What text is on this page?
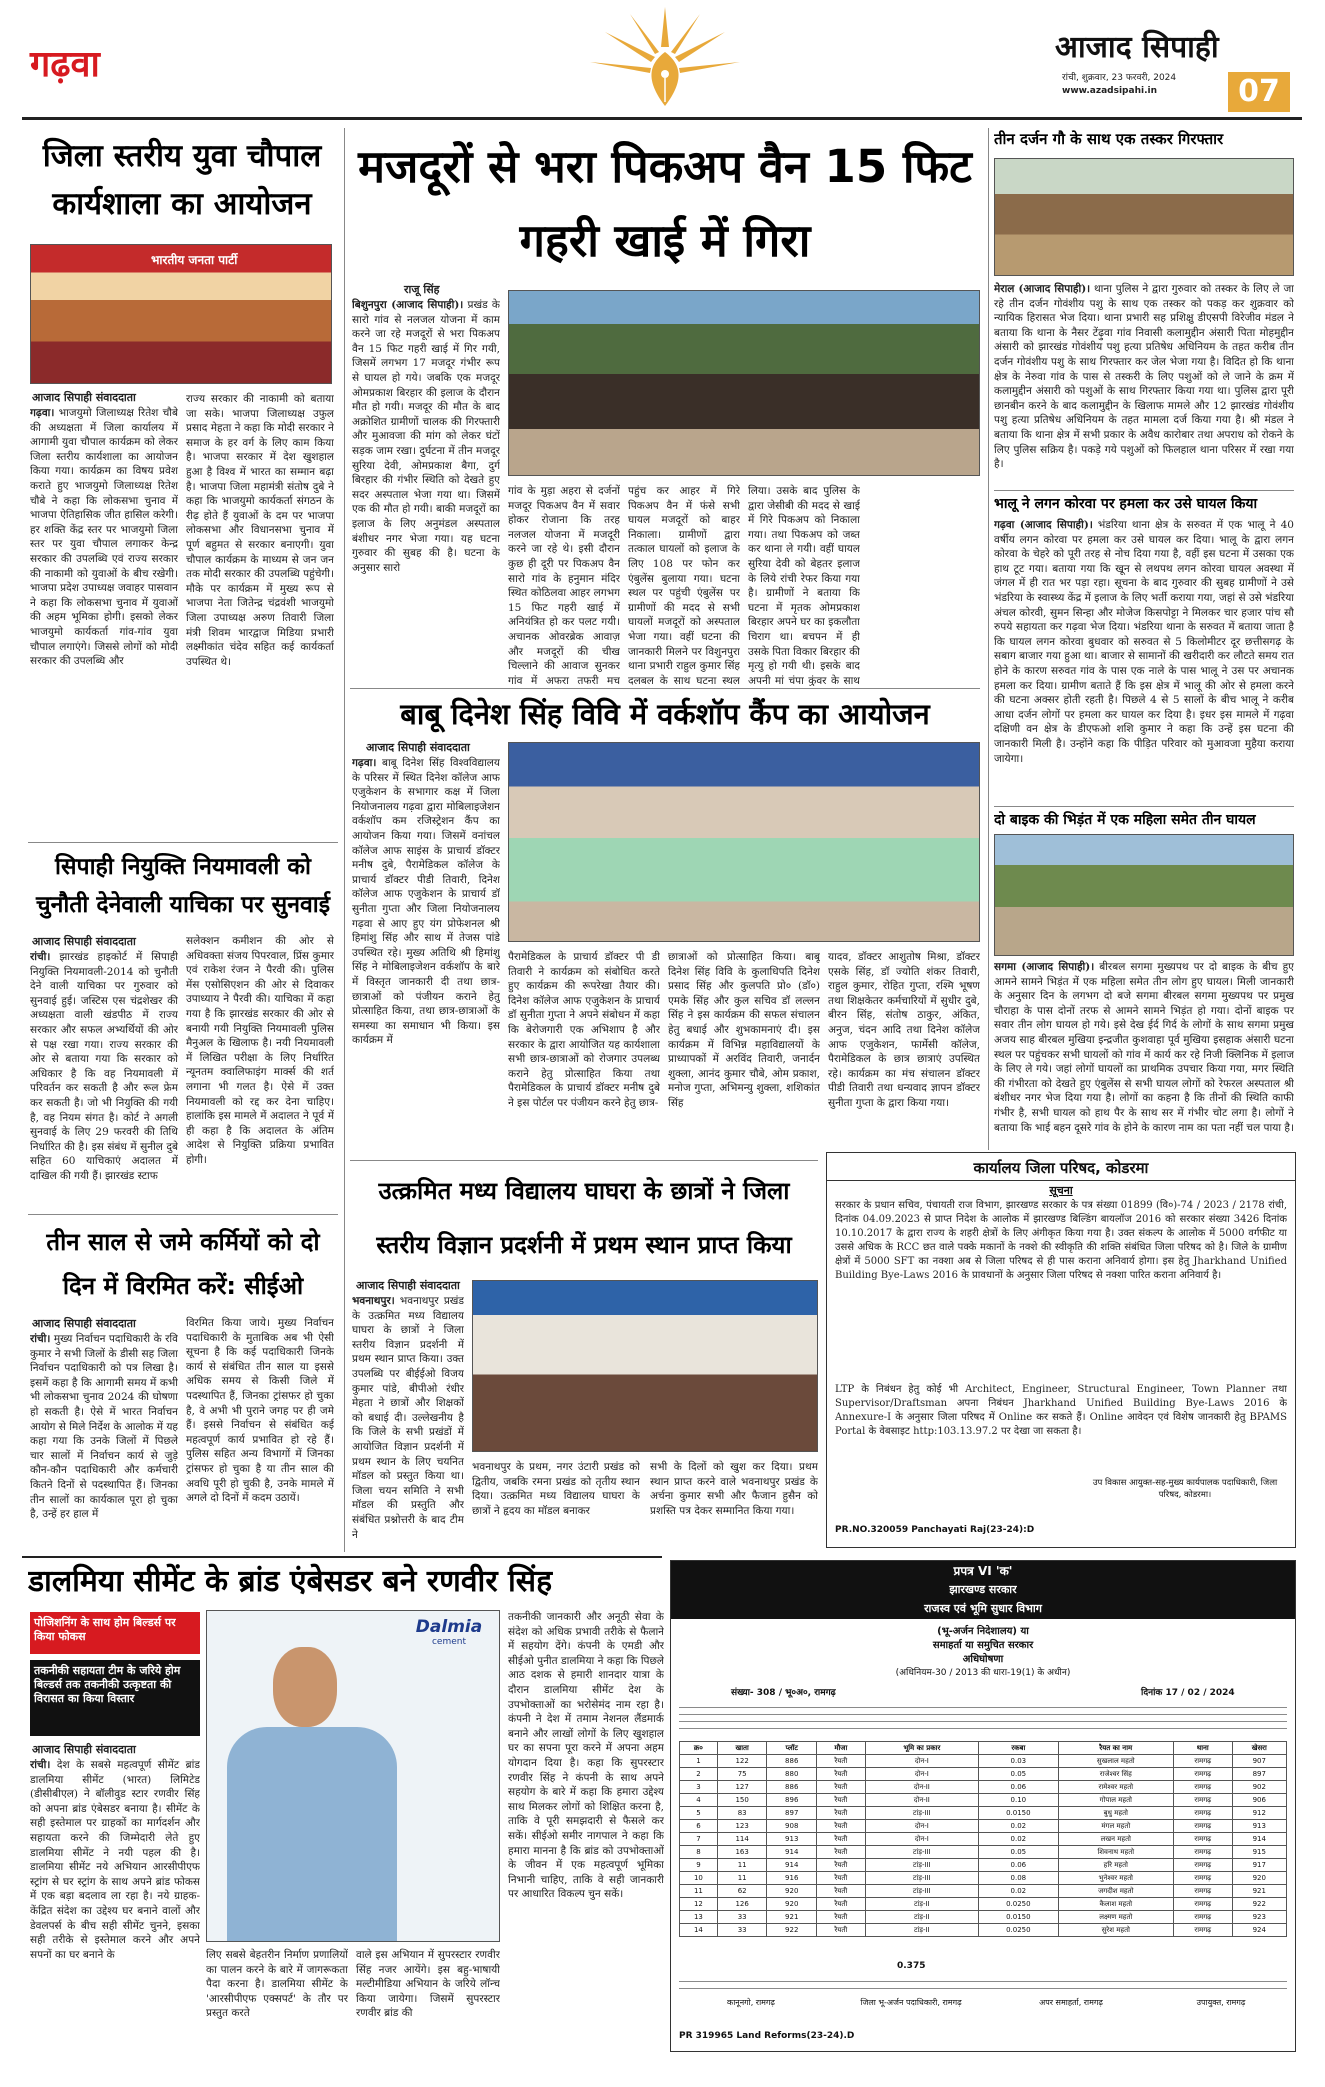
गढ़वा	आजाद सिपाही
रांची, शुक्रवार, 23 फरवरी, 2024
www.azadsipahi.in	07
जिला स्तरीय युवा चौपाल कार्यशाला का आयोजन
भारतीय जनता पार्टी
आजाद सिपाही संवाददाता
गढ़वा। भाजयुमो जिलाध्यक्ष रितेश चौबे की अध्यक्षता में जिला कार्यालय में आगामी युवा चौपाल कार्यक्रम को लेकर जिला स्तरीय कार्यशाला का आयोजन किया गया। कार्यक्रम का विषय प्रवेश कराते हुए भाजयुमो जिलाध्यक्ष रितेश चौबे ने कहा कि लोकसभा चुनाव में भाजपा ऐतिहासिक जीत हासिल करेगी। हर शक्ति केंद्र स्तर पर भाजयुमो जिला स्तर पर युवा चौपाल लगाकर केन्द्र सरकार की उपलब्धि एवं राज्य सरकार की नाकामी को युवाओं के बीच रखेगी। भाजपा प्रदेश उपाध्यक्ष जवाहर पासवान ने कहा कि लोकसभा चुनाव में युवाओं की अहम भूमिका होगी। इसको लेकर भाजयुमो कार्यकर्ता गांव-गांव युवा चौपाल लगाएंगे। जिससे लोगों को मोदी सरकार की उपलब्धि और
राज्य सरकार की नाकामी को बताया जा सके। भाजपा जिलाध्यक्ष उफुल प्रसाद मेहता ने कहा कि मोदी सरकार ने समाज के हर वर्ग के लिए काम किया है। भाजपा सरकार में देश खुशहाल हुआ है विश्व में भारत का सम्मान बढ़ा है। भाजपा जिला महामंत्री संतोष दुबे ने कहा कि भाजयुमो कार्यकर्ता संगठन के रीढ़ होते हैं युवाओं के दम पर भाजपा लोकसभा और विधानसभा चुनाव में पूर्ण बहुमत से सरकार बनाएगी। युवा चौपाल कार्यक्रम के माध्यम से जन जन तक मोदी सरकार की उपलब्धि पहुंचेगी। मौके पर कार्यक्रम में मुख्य रूप से भाजपा नेता जितेन्द्र चंद्रवंशी भाजयुमो जिला उपाध्यक्ष अरुण तिवारी जिला मंत्री शिवम भारद्वाज मिडिया प्रभारी लक्ष्मीकांत चंदेव सहित कई कार्यकर्ता उपस्थित थे।
सिपाही नियुक्ति नियमावली को चुनौती देनेवाली याचिका पर सुनवाई
आजाद सिपाही संवाददाता
रांची। झारखंड हाइकोर्ट में सिपाही नियुक्ति नियमावली-2014 को चुनौती देने वाली याचिका पर गुरुवार को सुनवाई हुई। जस्टिस एस चंद्रशेखर की अध्यक्षता वाली खंडपीठ में राज्य सरकार और सफल अभ्यर्थियों की ओर से पक्ष रखा गया। राज्य सरकार की ओर से बताया गया कि सरकार को अधिकार है कि वह नियमावली में परिवर्तन कर सकती है और रूल फ्रेम कर सकती है। जो भी नियुक्ति की गयी है, वह नियम संगत है। कोर्ट ने अगली सुनवाई के लिए 29 फरवरी की तिथि निर्धारित की है। इस संबंध में सुनील दुबे सहित 60 याचिकाएं अदालत में दाखिल की गयी हैं। झारखंड स्टाफ
सलेक्शन कमीशन की ओर से अधिवक्ता संजय पिपरवाल, प्रिंस कुमार एवं राकेश रंजन ने पैरवी की। पुलिस मेंस एसोसिएशन की ओर से दिवाकर उपाध्याय ने पैरवी की। याचिका में कहा गया है कि झारखंड सरकार की ओर से बनायी गयी नियुक्ति नियमावली पुलिस मैनुअल के खिलाफ है। नयी नियमावली में लिखित परीक्षा के लिए निर्धारित न्यूनतम क्वालिफाइंग मार्क्स की शर्त लगाना भी गलत है। ऐसे में उक्त नियमावली को रद्द कर देना चाहिए। हालांकि इस मामले में अदालत ने पूर्व में ही कहा है कि अदालत के अंतिम आदेश से नियुक्ति प्रक्रिया प्रभावित होगी।
तीन साल से जमे कर्मियों को दो दिन में विरमित करें: सीईओ
आजाद सिपाही संवाददाता
रांची। मुख्य निर्वाचन पदाधिकारी के रवि कुमार ने सभी जिलों के डीसी सह जिला निर्वाचन पदाधिकारी को पत्र लिखा है। इसमें कहा है कि आगामी समय में कभी भी लोकसभा चुनाव 2024 की घोषणा हो सकती है। ऐसे में भारत निर्वाचन आयोग से मिले निर्देश के आलोक में यह कहा गया कि उनके जिलों में पिछले चार सालों में निर्वाचन कार्य से जुड़े कौन-कौन पदाधिकारी और कर्मचारी कितने दिनों से पदस्थापित हैं। जिनका तीन सालों का कार्यकाल पूरा हो चुका है, उन्हें हर हाल में
विरमित किया जाये। मुख्य निर्वाचन पदाधिकारी के मुताबिक अब भी ऐसी सूचना है कि कई पदाधिकारी जिनके कार्य से संबंधित तीन साल या इससे अधिक समय से किसी जिले में पदस्थापित हैं, जिनका ट्रांसफर हो चुका है, वे अभी भी पुराने जगह पर ही जमे हैं। इससे निर्वाचन से संबंधित कई महत्वपूर्ण कार्य प्रभावित हो रहे हैं। पुलिस सहित अन्य विभागों में जिनका ट्रांसफर हो चुका है या तीन साल की अवधि पूरी हो चुकी है, उनके मामले में अगले दो दिनों में कदम उठायें।
मजदूरों से भरा पिकअप वैन 15 फिट गहरी खाई में गिरा
राजू सिंह
बिशुनपुरा (आजाद सिपाही)। प्रखंड के सारो गांव से नलजल योजना में काम करने जा रहे मजदूरों से भरा पिकअप वैन 15 फिट गहरी खाई में गिर गयी, जिसमें लगभग 17 मजदूर गंभीर रूप से घायल हो गये। जबकि एक मजदूर ओमप्रकाश बिरहार की इलाज के दौरान मौत हो गयी। मजदूर की मौत के बाद अक्रोशित ग्रामीणों चालक की गिरफ्तारी और मुआवजा की मांग को लेकर घंटों सड़क जाम रखा। दुर्घटना में तीन मजदूर सुरिया देवी, ओमप्रकाश बैगा, दुर्ग बिरहार की गंभीर स्थिति को देखते हुए सदर अस्पताल भेजा गया था। जिसमें एक की मौत हो गयी। बाकी मजदूरों का इलाज के लिए अनुमंडल अस्पताल बंशीधर नगर भेजा गया। यह घटना गुरुवार की सुबह की है। घटना के अनुसार सारो
गांव के मुड़ा अहरा से दर्जनों मजदूर पिकअप वैन में सवार होकर रोजाना कि तरह नलजल योजना में मजदूरी करने जा रहे थे। इसी दौरान कुछ ही दूरी पर पिकअप वैन सारो गांव के हनुमान मंदिर स्थित कोठिलवा आहर लगभग 15 फिट गहरी खाई में अनियंत्रित हो कर पलट गयी। अचानक ओवरब्रेक आवाज़ और मजदूरों की चीख चिल्लाने की आवाज सुनकर गांव में अफरा तफरी मच
पहुंच कर आहर में गिरे पिकअप वैन में फंसे सभी घायल मजदूरों को बाहर निकाला। ग्रामीणों द्वारा तत्काल घायलों को इलाज के लिए 108 पर फोन कर एंबुलेंस बुलाया गया। घटना स्थल पर पहुंची एंबुलेंस पर ग्रामीणों की मदद से सभी घायलों मजदूरों को अस्पताल भेजा गया। वहीं घटना की जानकारी मिलने पर विशुनपुरा थाना प्रभारी राहुल कुमार सिंह दलबल के साथ घटना स्थल
लिया। उसके बाद पुलिस के द्वारा जेसीबी की मदद से खाई में गिरे पिकअप को निकाला गया। तथा पिकअप को जब्त कर थाना ले गयी। वहीं घायल सुरिया देवी को बेहतर इलाज के लिये रांची रेफर किया गया है। ग्रामीणों ने बताया कि घटना में मृतक ओमप्रकाश बिरहार अपने घर का इकलौता चिराग था। बचपन में ही उसके पिता विकार बिरहार की मृत्यु हो गयी थी। इसके बाद अपनी मां चंपा कुंवर के साथ
बाबू दिनेश सिंह विवि में वर्कशॉप कैंप का आयोजन
आजाद सिपाही संवाददाता
गढ़वा। बाबू दिनेश सिंह विश्वविद्यालय के परिसर में स्थित दिनेश कॉलेज आफ एजुकेशन के सभागार कक्ष में जिला नियोजनालय गढ़वा द्वारा मोबिलाइजेशन वर्कशॉप कम रजिस्ट्रेशन कैंप का आयोजन किया गया। जिसमें वनांचल कॉलेज आफ साइंस के प्राचार्य डॉक्टर मनीष दुबे, पैरामेडिकल कॉलेज के प्राचार्य डॉक्टर पीडी तिवारी, दिनेश कॉलेज आफ एजुकेशन के प्राचार्य डॉ सुनीता गुप्ता और जिला नियोजनालय गढ़वा से आए हुए यंग प्रोफेशनल श्री हिमांशु सिंह और साथ में तेजस पांडे उपस्थित रहे। मुख्य अतिथि श्री हिमांशु सिंह ने मोबिलाइजेशन वर्कशॉप के बारे में विस्तृत जानकारी दी तथा छात्र-छात्राओं को पंजीयन कराने हेतु प्रोत्साहित किया, तथा छात्र-छात्राओं के समस्या का समाधान भी किया। इस कार्यक्रम में
पैरामेडिकल के प्राचार्य डॉक्टर पी डी तिवारी ने कार्यक्रम को संबोधित करते हुए कार्यक्रम की रूपरेखा तैयार की। दिनेश कॉलेज आफ एजुकेशन के प्राचार्य डॉ सुनीता गुप्ता ने अपने संबोधन में कहा कि बेरोजगारी एक अभिशाप है और सरकार के द्वारा आयोजित यह कार्यशाला सभी छात्र-छात्राओं को रोजगार उपलब्ध कराने हेतु प्रोत्साहित किया तथा पैरामेडिकल के प्राचार्य डॉक्टर मनीष दुबे ने इस पोर्टल पर पंजीयन करने हेतु छात्र-
छात्राओं को प्रोत्साहित किया। बाबू दिनेश सिंह विवि के कुलाधिपति दिनेश प्रसाद सिंह और कुलपति प्रो० (डॉ०) एमके सिंह और कुल सचिव डॉ लल्लन सिंह ने इस कार्यक्रम की सफल संचालन हेतु बधाई और शुभकामनाएं दी। इस कार्यक्रम में विभिन्न महाविद्यालयों के प्राध्यापकों में अरविंद तिवारी, जनार्दन शुक्ला, आनंद कुमार चौबे, ओम प्रकाश, मनोज गुप्ता, अभिमन्यु शुक्ला, शशिकांत सिंह
यादव, डॉक्टर आशुतोष मिश्रा, डॉक्टर एसके सिंह, डॉ ज्योति शंकर तिवारी, राहुल कुमार, रोहित गुप्ता, रश्मि भूषण तथा शिक्षकेतर कर्मचारियों में सुधीर दुबे, बीरन सिंह, संतोष ठाकुर, अंकित, अनुज, चंदन आदि तथा दिनेश कॉलेज आफ एजुकेशन, फार्मेसी कॉलेज, पैरामेडिकल के छात्र छात्राएं उपस्थित रहे। कार्यक्रम का मंच संचालन डॉक्टर पीडी तिवारी तथा धन्यवाद ज्ञापन डॉक्टर सुनीता गुप्ता के द्वारा किया गया।
उत्क्रमित मध्य विद्यालय घाघरा के छात्रों ने जिला स्तरीय विज्ञान प्रदर्शनी में प्रथम स्थान प्राप्त किया
आजाद सिपाही संवाददाता
भवनाथपुर। भवनाथपुर प्रखंड के उत्क्रमित मध्य विद्यालय घाघरा के छात्रों ने जिला स्तरीय विज्ञान प्रदर्शनी में प्रथम स्थान प्राप्त किया। उक्त उपलब्धि पर बीईईओ विजय कुमार पांडे, बीपीओ रंधीर मेहता ने छात्रों और शिक्षकों को बधाई दी। उल्लेखनीय है कि जिले के सभी प्रखंडों में आयोजित विज्ञान प्रदर्शनी में प्रथम स्थान के लिए चयनित मॉडल को प्रस्तुत किया था। जिला चयन समिति ने सभी मॉडल की प्रस्तुति और संबंधित प्रश्नोत्तरी के बाद टीम ने
भवनाथपुर के प्रथम, नगर उंटारी प्रखंड को द्वितीय, जबकि रमना प्रखंड को तृतीय स्थान दिया। उत्क्रमित मध्य विद्यालय घाघरा के छात्रों ने हृदय का मॉडल बनाकर
सभी के दिलों को खुश कर दिया। प्रथम स्थान प्राप्त करने वाले भवनाथपुर प्रखंड के अर्चना कुमार सभी और फैजान हुसैन को प्रशस्ति पत्र देकर सम्मानित किया गया।
तीन दर्जन गौ के साथ एक तस्कर गिरफ्तार
मेराल (आजाद सिपाही)। थाना पुलिस ने द्वारा गुरुवार को तस्कर के लिए ले जा रहे तीन दर्जन गोवंशीय पशु के साथ एक तस्कर को पकड़ कर शुक्रवार को न्यायिक हिरासत भेज दिया। थाना प्रभारी सह प्रशिक्षु डीएसपी विरेजीव मंडल ने बताया कि थाना के नैसर टेंढ़ुवा गांव निवासी कलामुद्दीन अंसारी पिता मोहमुद्दीन अंसारी को झारखंड गोवंशीय पशु हत्या प्रतिषेध अधिनियम के तहत करीब तीन दर्जन गोवंशीय पशु के साथ गिरफ्तार कर जेल भेजा गया है। विदित हो कि थाना क्षेत्र के नेरुवा गांव के पास से तस्करी के लिए पशुओं को ले जाने के क्रम में कलामुद्दीन अंसारी को पशुओं के साथ गिरफ्तार किया गया था। पुलिस द्वारा पूरी छानबीन करने के बाद कलामुद्दीन के खिलाफ मामले और 12 झारखंड गोवंशीय पशु हत्या प्रतिषेध अधिनियम के तहत मामला दर्ज किया गया है। श्री मंडल ने बताया कि थाना क्षेत्र में सभी प्रकार के अवैध कारोबार तथा अपराध को रोकने के लिए पुलिस सक्रिय है। पकड़े गये पशुओं को फिलहाल थाना परिसर में रखा गया है।
भालू ने लगन कोरवा पर हमला कर उसे घायल किया
गढ़वा (आजाद सिपाही)। भंडरिया थाना क्षेत्र के सरुवत में एक भालू ने 40 वर्षीय लगन कोरवा पर हमला कर उसे घायल कर दिया। भालू के द्वारा लगन कोरवा के चेहरे को पूरी तरह से नोच दिया गया है, वहीं इस घटना में उसका एक हाथ टूट गया। बताया गया कि खून से लथपथ लगन कोरवा घायल अवस्था में जंगल में ही रात भर पड़ा रहा। सूचना के बाद गुरुवार की सुबह ग्रामीणों ने उसे भंडरिया के स्वास्थ्य केंद्र में इलाज के लिए भर्ती कराया गया, जहां से उसे भंडरिया अंचल कोरवी, सुमन सिन्हा और मोजेज किसपोट्टा ने मिलकर चार हजार पांच सौ रुपये सहायता कर गढ़वा भेज दिया। भंडरिया थाना के सरुवत में बताया जाता है कि घायल लगन कोरवा बुधवार को सरुवत से 5 किलोमीटर दूर छत्तीसगढ़ के सबाग बाजार गया हुआ था। बाजार से सामानों की खरीदारी कर लौटते समय रात होने के कारण सरुवत गांव के पास एक नाले के पास भालू ने उस पर अचानक हमला कर दिया। ग्रामीण बताते हैं कि इस क्षेत्र में भालू की ओर से हमला करने की घटना अक्सर होती रहती है। पिछले 4 से 5 सालों के बीच भालू ने करीब आधा दर्जन लोगों पर हमला कर घायल कर दिया है। इधर इस मामले में गढ़वा दक्षिणी वन क्षेत्र के डीएफओ शशि कुमार ने कहा कि उन्हें इस घटना की जानकारी मिली है। उन्होंने कहा कि पीड़ित परिवार को मुआवजा मुहैया कराया जायेगा।
दो बाइक की भिड़ंत में एक महिला समेत तीन घायल
सगमा (आजाद सिपाही)। बीरबल सगमा मुख्यपथ पर दो बाइक के बीच हुए आमने सामने भिड़ंत में एक महिला समेत तीन लोग हुए घायल। मिली जानकारी के अनुसार दिन के लगभग दो बजे सगमा बीरबल सगमा मुख्यपथ पर प्रमुख चौराहा के पास दोनों तरफ से आमने सामने भिड़ंत हो गया। दोनों बाइक पर सवार तीन लोग घायल हो गये। इसे देख ईर्द गिर्द के लोगों के साथ सगमा प्रमुख अजय साह बीरबल मुखिया इन्द्रजीत कुशवाहा पूर्व मुखिया इसहाक अंसारी घटना स्थल पर पहुंचकर सभी घायलों को गांव में कार्य कर रहे निजी क्लिनिक में इलाज के लिए ले गये। जहां लोगों घायलों का प्राथमिक उपचार किया गया, मगर स्थिति की गंभीरता को देखते हुए एंबुलेंस से सभी घायल लोगों को रेफरल अस्पताल श्री बंशीधर नगर भेज दिया गया है। लोगों का कहना है कि तीनों की स्थिति काफी गंभीर है, सभी घायल को हाथ पैर के साथ सर में गंभीर चोट लगा है। लोगों ने बताया कि भाई बहन दूसरे गांव के होने के कारण नाम का पता नहीं चल पाया है।
कार्यालय जिला परिषद, कोडरमा
सूचना
सरकार के प्रधान सचिव, पंचायती राज विभाग, झारखण्ड सरकार के पत्र संख्या 01899 (वि०)-74 / 2023 / 2178 रांची, दिनांक 04.09.2023 से प्राप्त निदेश के आलोक में झारखण्ड बिल्डिंग बायलॉज 2016 को सरकार संख्या 3426 दिनांक 10.10.2017 के द्वारा राज्य के शहरी क्षेत्रों के लिए अंगीकृत किया गया है। उक्त संकल्प के आलोक में 5000 वर्गफीट या उससे अधिक के RCC छत वाले पक्के मकानों के नक्शे की स्वीकृति की शक्ति संबंधित जिला परिषद को है। जिले के ग्रामीण क्षेत्रों में 5000 SFT का नक्शा अब से जिला परिषद से ही पास कराना अनिवार्य होगा। इस हेतु Jharkhand Unified Building Bye-Laws 2016 के प्रावधानों के अनुसार जिला परिषद से नक्शा पारित कराना अनिवार्य है।
LTP के निबंधन हेतु कोई भी Architect, Engineer, Structural Engineer, Town Planner तथा Supervisor/Draftsman अपना निबंधन Jharkhand Unified Building Bye-Laws 2016 के Annexure-I के अनुसार जिला परिषद में Online कर सकते हैं। Online आवेदन एवं विशेष जानकारी हेतु BPAMS Portal के वेबसाइट http:103.13.97.2 पर देखा जा सकता है।
उप विकास आयुक्त-सह-मुख्य कार्यपालक पदाधिकारी, जिला परिषद, कोडरमा।
PR.NO.320059 Panchayati Raj(23-24):D
डालमिया सीमेंट के ब्रांड एंबेसडर बने रणवीर सिंह
पोजिशनिंग के साथ होम बिल्डर्स पर किया फोकस
तकनीकी सहायता टीम के जरिये होम बिल्डर्स तक तकनीकी उत्कृष्टता की विरासत का किया विस्तार
आजाद सिपाही संवाददाता
रांची। देश के सबसे महत्वपूर्ण सीमेंट ब्रांड डालमिया सीमेंट (भारत) लिमिटेड (डीसीबीएल) ने बॉलीवुड स्टार रणवीर सिंह को अपना ब्रांड एंबेसडर बनाया है। सीमेंट के सही इस्तेमाल पर ग्राहकों का मार्गदर्शन और सहायता करने की जिम्मेदारी लेते हुए डालमिया सीमेंट ने नयी पहल की है। डालमिया सीमेंट नये अभियान आरसीपीएफ स्ट्रांग से घर स्ट्रांग के साथ अपने ब्रांड फोकस में एक बड़ा बदलाव ला रहा है। नये ग्राहक-केंद्रित संदेश का उद्देश्य घर बनाने वालों और डेवलपर्स के बीच सही सीमेंट चुनने, इसका सही तरीके से इस्तेमाल करने और अपने सपनों का घर बनाने के
Dalmia
cement
लिए सबसे बेहतरीन निर्माण प्रणालियों का पालन करने के बारे में जागरूकता पैदा करना है। डालमिया सीमेंट के 'आरसीपीएफ एक्सपर्ट' के तौर पर प्रस्तुत करते
वाले इस अभियान में सुपरस्टार रणवीर सिंह नजर आयेंगे। इस बहु-भाषायी मल्टीमीडिया अभियान के जरिये लॉन्च किया जायेगा। जिसमें सुपरस्टार रणवीर ब्रांड की
तकनीकी जानकारी और अनूठी सेवा के संदेश को अधिक प्रभावी तरीके से फैलाने में सहयोग देंगे। कंपनी के एमडी और सीईओ पुनीत डालमिया ने कहा कि पिछले आठ दशक से हमारी शानदार यात्रा के दौरान डालमिया सीमेंट देश के उपभोक्ताओं का भरोसेमंद नाम रहा है। कंपनी ने देश में तमाम नेशनल लैंडमार्क बनाने और लाखों लोगों के लिए खुशहाल घर का सपना पूरा करने में अपना अहम योगदान दिया है। कहा कि सुपरस्टार रणवीर सिंह ने कंपनी के साथ अपने सहयोग के बारे में कहा कि हमारा उद्देश्य साथ मिलकर लोगों को शिक्षित करना है, ताकि वे पूरी समझदारी से फैसले कर सकें। सीईओ समीर नागपाल ने कहा कि हमारा मानना है कि ब्रांड को उपभोक्ताओं के जीवन में एक महत्वपूर्ण भूमिका निभानी चाहिए, ताकि वे सही जानकारी पर आधारित विकल्प चुन सकें।
प्रपत्र VI 'क'
झारखण्ड सरकार
राजस्व एवं भूमि सुधार विभाग
(भू-अर्जन निदेशालय) या
समाहर्ता या समुचित सरकार
अधिघोषणा
(अधिनियम-30 / 2013 की धारा-19(1) के अधीन)
संख्या- 308 / भू०अ०, रामगढ़	दिनांक 17 / 02 / 2024
क्र०	खाता	प्लॉट	मौजा	भूमि का प्रकार	रकबा	रैयत का नाम	थाना	खेसरा
1	122	886	रैयती	दोन-I	0.03	सुखलाल महतो	रामगढ़	907
2	75	880	रैयती	दोन-I	0.05	राजेश्वर सिंह	रामगढ़	897
3	127	886	रैयती	दोन-II	0.06	रामेश्वर महतो	रामगढ़	902
4	150	896	रैयती	दोन-II	0.10	गोपाल महतो	रामगढ़	906
5	83	897	रैयती	टांड़-III	0.0150	बुधु महतो	रामगढ़	912
6	123	908	रैयती	दोन-I	0.02	मंगल महतो	रामगढ़	913
7	114	913	रैयती	दोन-I	0.02	लखन महतो	रामगढ़	914
8	163	914	रैयती	टांड़-III	0.05	शिवनाथ महतो	रामगढ़	915
9	11	914	रैयती	टांड़-III	0.06	हरि महतो	रामगढ़	917
10	11	916	रैयती	टांड़-III	0.08	भुनेश्वर महतो	रामगढ़	920
11	62	920	रैयती	टांड़-III	0.02	जगदीश महतो	रामगढ़	921
12	126	920	रैयती	टांड़-II	0.0250	कैलाश महतो	रामगढ़	922
13	33	921	रैयती	टांड़-II	0.0150	लक्ष्मण महतो	रामगढ़	923
14	33	922	रैयती	टांड़-II	0.0250	सुरेश महतो	रामगढ़	924
0.375
कानूनगो, रामगढ़	जिला भू-अर्जन पदाधिकारी, रामगढ़	अपर समाहर्ता, रामगढ़	उपायुक्त, रामगढ़
PR 319965 Land Reforms(23-24).D
